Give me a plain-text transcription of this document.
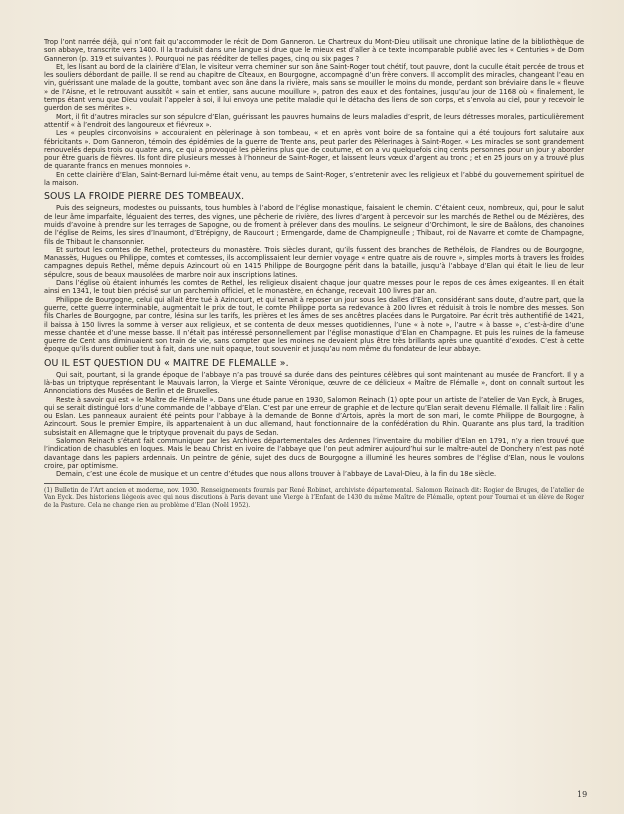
Trop l’ont narrée déjà, qui n’ont fait qu’accommoder le récit de Dom Ganneron. Le Chartreux du Mont-Dieu utilisait une chronique latine de la bibliothèque de son abbaye, transcrite vers 1400. Il la traduisit dans une langue si drue que le mieux est d’aller à ce texte incomparable publié avec les « Centuries » de Dom Ganneron (p. 319 et suivantes ). Pourquoi ne pas rééditer de telles pages, cinq ou six pages ?

Et, les lisant au bord de la clairière d’Elan, le visiteur verra cheminer sur son âne Saint-Roger tout chétif, tout pauvre, dont la cuculle était percée de trous et les souliers débordant de paille. Il se rend au chapitre de Cîteaux, en Bourgogne, accompagné d’un frère convers. Il accomplit des miracles, changeant l’eau en vin, guérissant une malade de la goutte, tombant avec son âne dans la rivière, mais sans se mouiller le moins du monde, perdant son bréviaire dans le « fleuve » de l’Aisne, et le retrouvant aussitôt « sain et entier, sans aucune mouillure », patron des eaux et des fontaines, jusqu’au jour de 1168 où « finalement, le temps étant venu que Dieu voulait l’appeler à soi, il lui envoya une petite maladie qui le détacha des liens de son corps, et s’envola au ciel, pour y recevoir le guerdon de ses mérites ».

Mort, il fit d’autres miracles sur son sépulcre d’Elan, guérissant les pauvres humains de leurs maladies d’esprit, de leurs détresses morales, particulièrement attentif « à l’endroit des langoureux et fiévreux ».

Les « peuples circonvoisins » accouraient en pèlerinage à son tombeau, « et en après vont boire de sa fontaine qui a été toujours fort salutaire aux fébricitants ». Dom Ganneron, témoin des épidémies de la guerre de Trente ans, peut parler des Pèlerinages à Saint-Roger. « Les miracles se sont grandement renouvelés depuis trois ou quatre ans, ce qui a provoqué les pèlerins plus que de coutume, et on a vu quelquefois cinq cents personnes pour un jour y aborder pour être guaris de fièvres. Ils font dire plusieurs messes à l’honneur de Saint-Roger, et laissent leurs vœux d’argent au tronc ; et en 25 jours on y a trouvé plus de quarante francs en menues monnoies ».

En cette clairière d’Elan, Saint-Bernard lui-même était venu, au temps de Saint-Roger, s’entretenir avec les religieux et l’abbé du gouvernement spirituel de la maison.

SOUS LA FROIDE PIERRE DES TOMBEAUX.

Puis des seigneurs, modestes ou puissants, tous humbles à l’abord de l’église monastique, faisaient le chemin. C’étaient ceux, nombreux, qui, pour le salut de leur âme imparfaite, léguaient des terres, des vignes, une pêcherie de rivière, des livres d’argent à percevoir sur les marchés de Rethel ou de Mézières, des muids d’avoine à prendre sur les terrages de Sapogne, ou de froment à prélever dans des moulins. Le seigneur d’Orchimont, le sire de Baâlons, des chanoines de l’église de Reims, les sires d’Inaumont, d’Etrépigny, de Raucourt ; Ermengarde, dame de Champigneulle ; Thibaut, roi de Navarre et comte de Champagne, fils de Thibaut le chansonnier.

Et surtout les comtes de Rethel, protecteurs du monastère. Trois siècles durant, qu’ils fussent des branches de Rethélois, de Flandres ou de Bourgogne, Manassès, Hugues ou Philippe, comtes et comtesses, ils accomplissaient leur dernier voyage « entre quatre ais de rouvre », simples morts à travers les froides campagnes depuis Rethel, même depuis Azincourt où en 1415 Philippe de Bourgogne périt dans la bataille, jusqu’à l’abbaye d’Elan qui était le lieu de leur sépulcre, sous de beaux mausolées de marbre noir aux inscriptions latines.

Dans l’église où étaient inhumés les comtes de Rethel, les religieux disaient chaque jour quatre messes pour le repos de ces âmes exigeantes. Il en était ainsi en 1341, le tout bien précisé sur un parchemin officiel, et le monastère, en échange, recevait 100 livres par an.

Philippe de Bourgogne, celui qui allait être tué à Azincourt, et qui tenait à reposer un jour sous les dalles d’Elan, considérant sans doute, d’autre part, que la guerre, cette guerre interminable, augmentait le prix de tout, le comte Philippe porta sa redevance à 200 livres et réduisit à trois le nombre des messes. Son fils Charles de Bourgogne, par contre, lésina sur les tarifs, les prières et les âmes de ses ancêtres placées dans le Purgatoire. Par écrit très authentifié de 1421, il baissa à 150 livres la somme à verser aux religieux, et se contenta de deux messes quotidiennes, l’une « à note », l’autre « à basse », c’est-à-dire d’une messe chantée et d’une messe basse. Il n’était pas intéressé personnellement par l’église monastique d’Elan en Champagne. Et puis les ruines de la fameuse guerre de Cent ans diminuaient son train de vie, sans compter que les moines ne devaient plus être très brillants après une quantité d’exodes. C’est à cette époque qu’ils durent oublier tout à fait, dans une nuit opaque, tout souvenir et jusqu’au nom même du fondateur de leur abbaye.

OU IL EST QUESTION DU « MAITRE DE FLEMALLE ».

Qui sait, pourtant, si la grande époque de l’abbaye n’a pas trouvé sa durée dans des peintures célèbres qui sont maintenant au musée de Francfort. Il y a là-bas un triptyque représentant le Mauvais larron, la Vierge et Sainte Véronique, œuvre de ce délicieux « Maître de Flémalle », dont on connaît surtout les Annonciations des Musées de Berlin et de Bruxelles.

Reste à savoir qui est « le Maître de Flémalle ». Dans une étude parue en 1930, Salomon Reinach (1) opte pour un artiste de l’atelier de Van Eyck, à Bruges, qui se serait distingué lors d’une commande de l’abbaye d’Elan. C’est par une erreur de graphie et de lecture qu’Elan serait devenu Flémalle. Il fallait lire : Falin ou Eslan. Les panneaux auraient été peints pour l’abbaye à la demande de Bonne d’Artois, après la mort de son mari, le comte Philippe de Bourgogne, à Azincourt. Sous le premier Empire, ils appartenaient à un duc allemand, haut fonctionnaire de la confédération du Rhin. Quarante ans plus tard, la tradition subsistait en Allemagne que le triptyque provenait du pays de Sedan.

Salomon Reinach s’étant fait communiquer par les Archives départementales des Ardennes l’inventaire du mobilier d’Elan en 1791, n’y a rien trouvé que l’indication de chasubles en loques. Mais le beau Christ en ivoire de l’abbaye que l’on peut admirer aujourd’hui sur le maître-autel de Donchery n’est pas noté davantage dans les papiers ardennais. Un peintre de génie, sujet des ducs de Bourgogne a illuminé les heures sombres de l’église d’Elan, nous le voulons croire, par optimisme.

Demain, c’est une école de musique et un centre d’études que nous allons trouver à l’abbaye de Laval-Dieu, à la fin du 18e siècle.

(1) Bulletin de l’Art ancien et moderne, nov. 1930. Renseignements fournis par René Robinet, archiviste départemental. Salomon Reinach dit: Rogier de Bruges, de l’atelier de Van Eyck. Des historiens liégeois avec qui nous discutions à Paris devant une Vierge à l’Enfant de 1430 du même Maître de Flémalle, optent pour Tournai et un élève de Roger de la Pasture. Cela ne change rien au problème d’Elan (Noël 1952).

19
